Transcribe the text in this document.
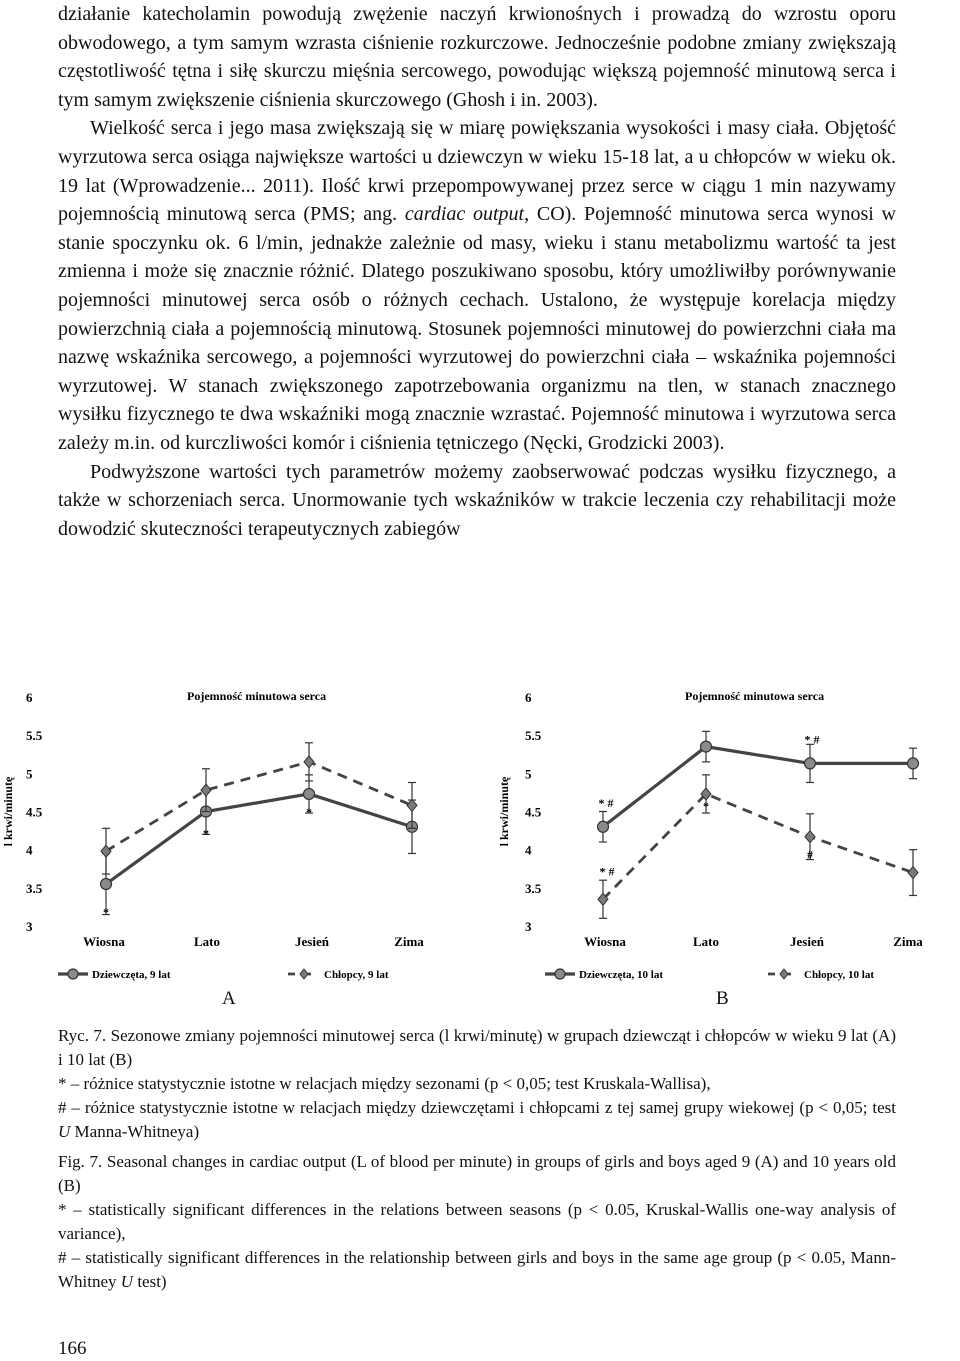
działanie katecholamin powodują zwężenie naczyń krwionośnych i prowadzą do wzrostu oporu obwodowego, a tym samym wzrasta ciśnienie rozkurczowe. Jednocześnie podobne zmiany zwiększają częstotliwość tętna i siłę skurczu mięśnia sercowego, powodując większą pojemność minutową serca i tym samym zwiększenie ciśnienia skurczowego (Ghosh i in. 2003).

Wielkość serca i jego masa zwiększają się w miarę powiększania wysokości i masy ciała. Objętość wyrzutowa serca osiąga największe wartości u dziewczyn w wieku 15-18 lat, a u chłopców w wieku ok. 19 lat (Wprowadzenie... 2011). Ilość krwi przepompowywanej przez serce w ciągu 1 min nazywamy pojemnością minutową serca (PMS; ang. cardiac output, CO). Pojemność minutowa serca wynosi w stanie spoczynku ok. 6 l/min, jednakże zależnie od masy, wieku i stanu metabolizmu wartość ta jest zmienna i może się znacznie różnić. Dlatego poszukiwano sposobu, który umożliwiłby porównywanie pojemności minutowej serca osób o różnych cechach. Ustalono, że występuje korelacja między powierzchnią ciała a pojemnością minutową. Stosunek pojemności minutowej do powierzchni ciała ma nazwę wskaźnika sercowego, a pojemności wyrzutowej do powierzchni ciała – wskaźnika pojemności wyrzutowej. W stanach zwiększonego zapotrzebowania organizmu na tlen, w stanach znacznego wysiłku fizycznego te dwa wskaźniki mogą znacznie wzrastać. Pojemność minutowa i wyrzutowa serca zależy m.in. od kurczliwości komór i ciśnienia tętniczego (Nęcki, Grodzicki 2003).

Podwyższone wartości tych parametrów możemy zaobserwować podczas wysiłku fizycznego, a także w schorzeniach serca. Unormowanie tych wskaźników w trakcie leczenia czy rehabilitacji może dowodzić skuteczności terapeutycznych zabiegów

Pojemność minutowa serca
3
3.5
4
4.5
5
5.5
6
l krwi/minutę
Wiosna	Lato	Jesień	Zima
*
*
*
Dziewczęta, 9 lat	Chłopcy, 9 lat
A
Pojemność minutowa serca
3
3.5
4
4.5
5
5.5
6
l krwi/minutę
Wiosna	Lato	Jesień	Zima
* #
* #
* #
*
#
Dziewczęta, 10 lat	Chłopcy, 10 lat
B

Ryc. 7. Sezonowe zmiany pojemności minutowej serca (l krwi/minutę) w grupach dziewcząt i chłopców w wieku 9 lat (A) i 10 lat (B)

* – różnice statystycznie istotne w relacjach między sezonami (p < 0,05; test Kruskala-Wallisa),

# – różnice statystycznie istotne w relacjach między dziewczętami i chłopcami z tej samej grupy wiekowej (p < 0,05; test U Manna-Whitneya)

Fig. 7. Seasonal changes in cardiac output (L of blood per minute) in groups of girls and boys aged 9 (A) and 10 years old (B)

* – statistically significant differences in the relations between seasons (p < 0.05, Kruskal-Wallis one-way analysis of variance),

# – statistically significant differences in the relationship between girls and boys in the same age group (p < 0.05, Mann-Whitney U test)

166
